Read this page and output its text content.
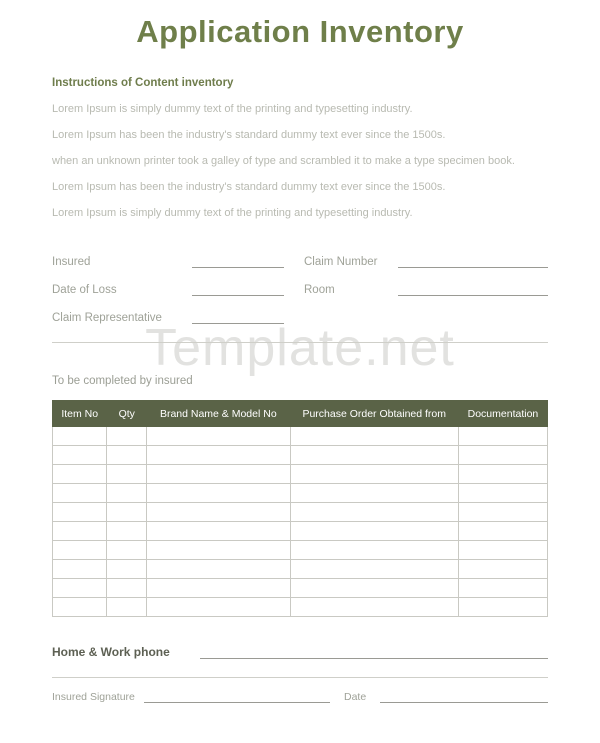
Template.net
Application Inventory
Instructions of Content inventory

Lorem Ipsum is simply dummy text of the printing and typesetting industry.

Lorem Ipsum has been the industry's standard dummy text ever since the 1500s.

when an unknown printer took a galley of type and scrambled it to make a type specimen book.

Lorem Ipsum has been the industry's standard dummy text ever since the 1500s.

Lorem Ipsum is simply dummy text of the printing and typesetting industry.

Insured	Claim Number
Date of Loss	Room
Claim Representative
To be completed by insured
Item No	Qty	Brand Name & Model No	Purchase Order Obtained from	Documentation

Home & Work phone
Insured Signature	Date
